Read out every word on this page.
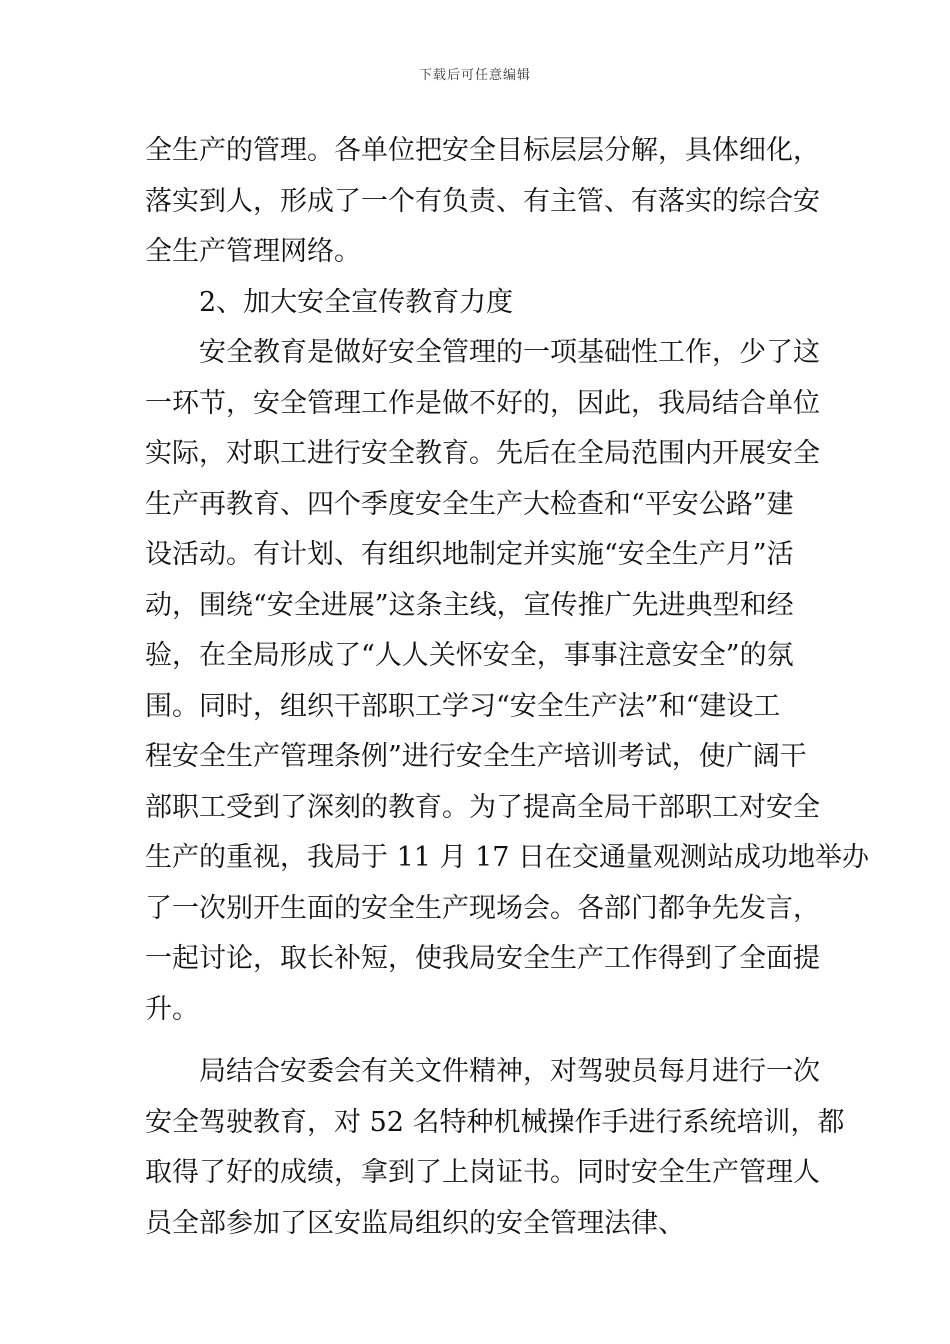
下载后可任意编辑

全生产的管理。各单位把安全目标层层分解，具体细化，
落实到人，形成了一个有负责、有主管、有落实的综合安
全生产管理网络。

2、加大安全宣传教育力度

安全教育是做好安全管理的一项基础性工作，少了这
一环节，安全管理工作是做不好的，因此，我局结合单位
实际，对职工进行安全教育。先后在全局范围内开展安全
生产再教育、四个季度安全生产大检查和“平安公路”建
设活动。有计划、有组织地制定并实施“安全生产月”活
动，围绕“安全进展”这条主线，宣传推广先进典型和经
验，在全局形成了“人人关怀安全，事事注意安全”的氛
围。同时，组织干部职工学习“安全生产法”和“建设工
程安全生产管理条例”进行安全生产培训考试，使广阔干
部职工受到了深刻的教育。为了提高全局干部职工对安全
生产的重视，我局于 11 月 17 日在交通量观测站成功地举办
了一次别开生面的安全生产现场会。各部门都争先发言，
一起讨论，取长补短，使我局安全生产工作得到了全面提
升。

局结合安委会有关文件精神，对驾驶员每月进行一次
安全驾驶教育，对 52 名特种机械操作手进行系统培训，都
取得了好的成绩，拿到了上岗证书。同时安全生产管理人
员全部参加了区安监局组织的安全管理法律、
